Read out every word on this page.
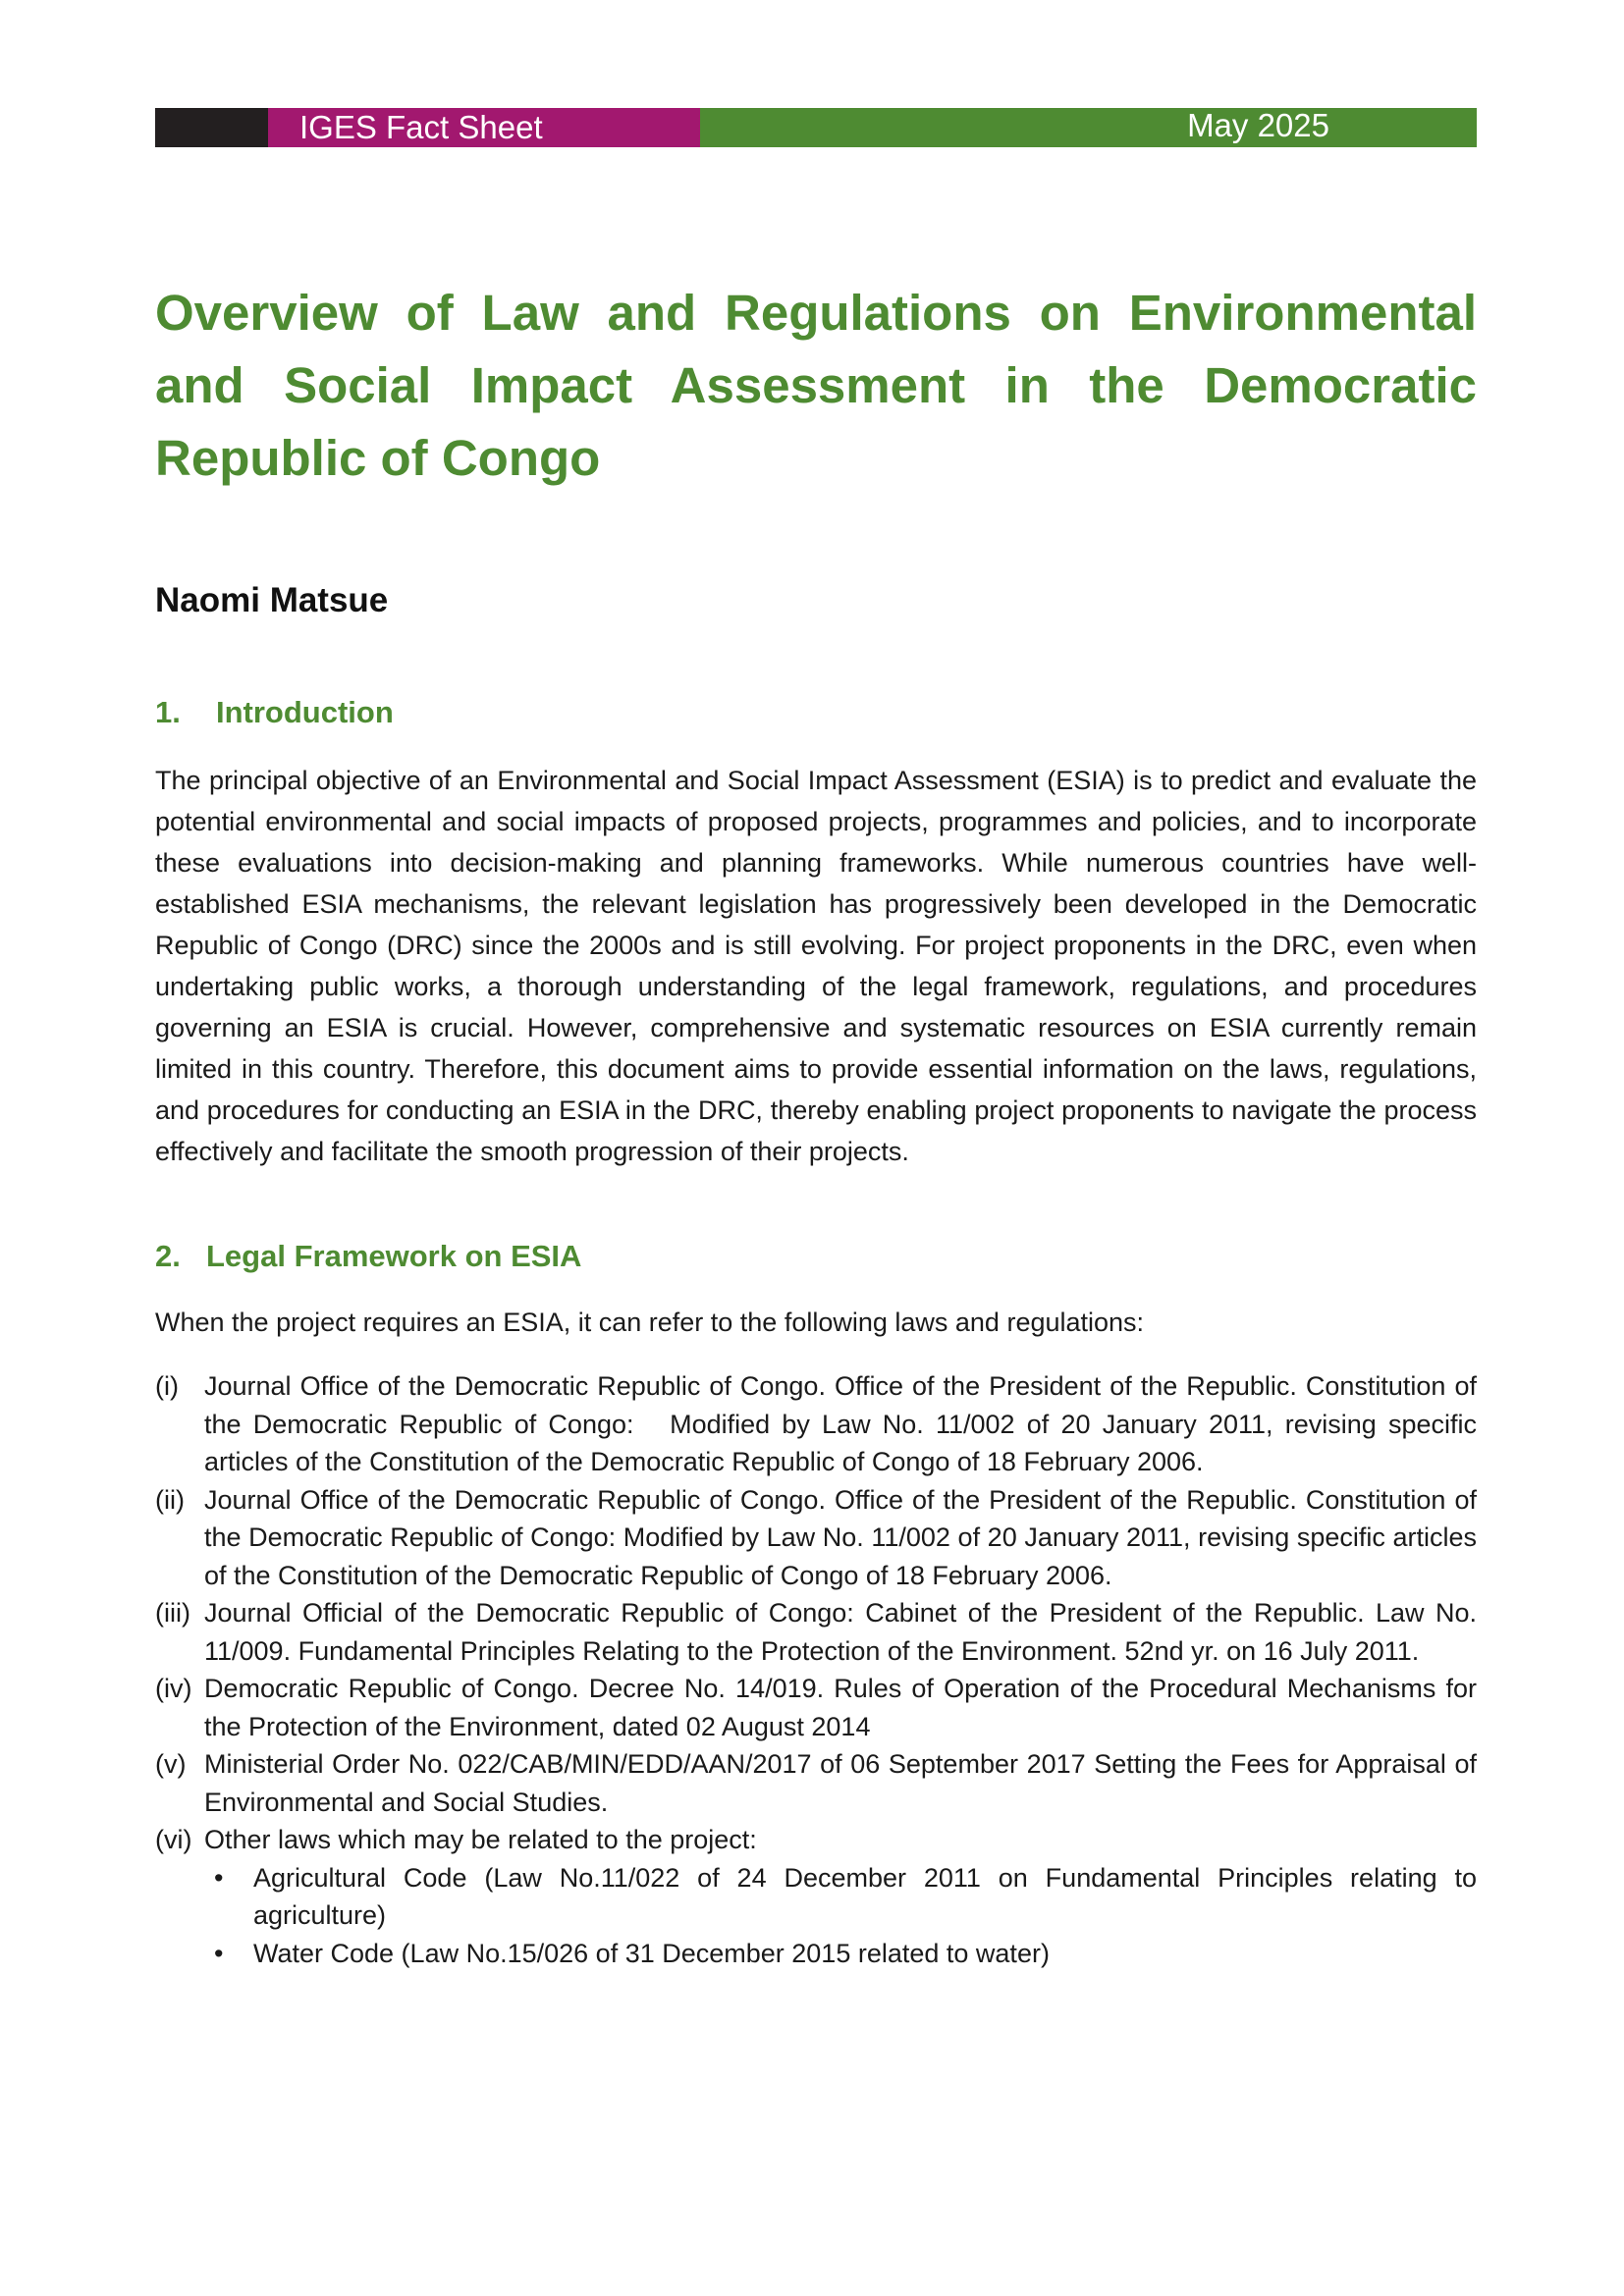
IGES Fact Sheet	May 2025
Overview of Law and Regulations on Environmental and Social Impact Assessment in the Democratic Republic of Congo

Naomi Matsue

1. Introduction

The principal objective of an Environmental and Social Impact Assessment (ESIA) is to predict and evaluate the potential environmental and social impacts of proposed projects, programmes and policies, and to incorporate these evaluations into decision-making and planning frameworks. While numerous countries have well-established ESIA mechanisms, the relevant legislation has progressively been developed in the Democratic Republic of Congo (DRC) since the 2000s and is still evolving. For project proponents in the DRC, even when undertaking public works, a thorough understanding of the legal framework, regulations, and procedures governing an ESIA is crucial. However, comprehensive and systematic resources on ESIA currently remain limited in this country. Therefore, this document aims to provide essential information on the laws, regulations, and procedures for conducting an ESIA in the DRC, thereby enabling project proponents to navigate the process effectively and facilitate the smooth progression of their projects.

2. Legal Framework on ESIA

When the project requires an ESIA, it can refer to the following laws and regulations:

(i) Journal Office of the Democratic Republic of Congo. Office of the President of the Republic. Constitution of the Democratic Republic of Congo:   Modified by Law No. 11/002 of 20 January 2011, revising specific articles of the Constitution of the Democratic Republic of Congo of 18 February 2006.
(ii) Journal Office of the Democratic Republic of Congo. Office of the President of the Republic. Constitution of the Democratic Republic of Congo: Modified by Law No. 11/002 of 20 January 2011, revising specific articles of the Constitution of the Democratic Republic of Congo of 18 February 2006.
(iii) Journal Official of the Democratic Republic of Congo: Cabinet of the President of the Republic. Law No. 11/009. Fundamental Principles Relating to the Protection of the Environment. 52nd yr. on 16 July 2011.
(iv) Democratic Republic of Congo. Decree No. 14/019. Rules of Operation of the Procedural Mechanisms for the Protection of the Environment, dated 02 August 2014
(v) Ministerial Order No. 022/CAB/MIN/EDD/AAN/2017 of 06 September 2017 Setting the Fees for Appraisal of Environmental and Social Studies.
(vi) Other laws which may be related to the project:
•	Agricultural Code (Law No.11/022 of 24 December 2011 on Fundamental Principles relating to agriculture)
•	Water Code (Law No.15/026 of 31 December 2015 related to water)
